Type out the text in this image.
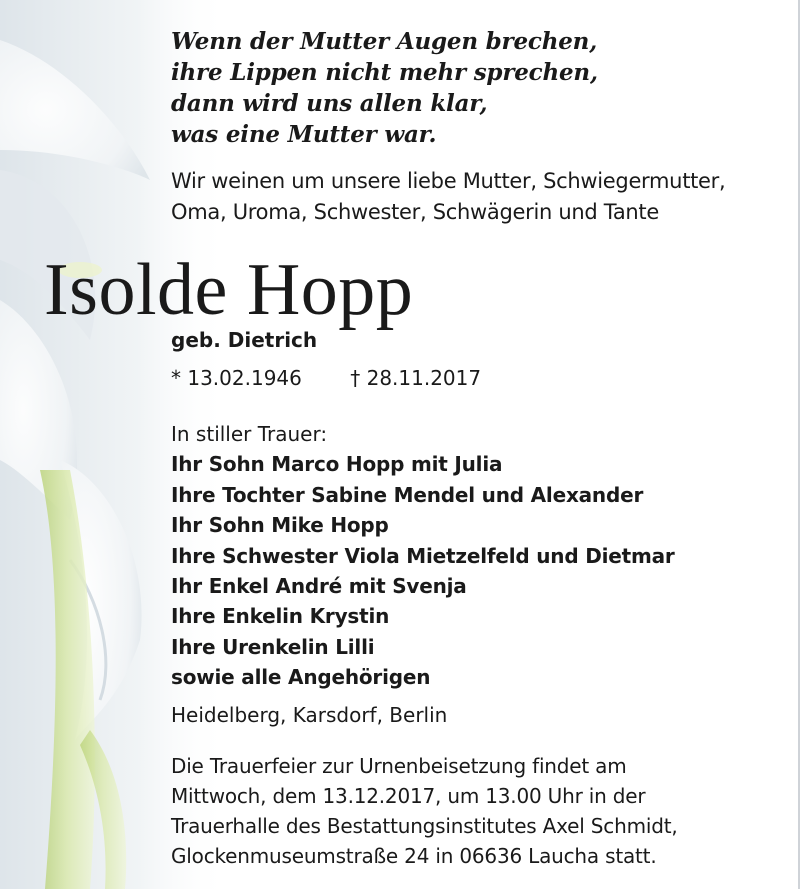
Wenn der Mutter Augen brechen,
ihre Lippen nicht mehr sprechen,
dann wird uns allen klar,
was eine Mutter war.
Wir weinen um unsere liebe Mutter, Schwiegermutter,
Oma, Uroma, Schwester, Schwägerin und Tante
Isolde Hopp
geb. Dietrich
* 13.02.1946 † 28.11.2017
In stiller Trauer:
Ihr Sohn Marco Hopp mit Julia
Ihre Tochter Sabine Mendel und Alexander
Ihr Sohn Mike Hopp
Ihre Schwester Viola Mietzelfeld und Dietmar
Ihr Enkel André mit Svenja
Ihre Enkelin Krystin
Ihre Urenkelin Lilli
sowie alle Angehörigen
Heidelberg, Karsdorf, Berlin
Die Trauerfeier zur Urnenbeisetzung findet am
Mittwoch, dem 13.12.2017, um 13.00 Uhr in der
Trauerhalle des Bestattungsinstitutes Axel Schmidt,
Glockenmuseumstraße 24 in 06636 Laucha statt.
